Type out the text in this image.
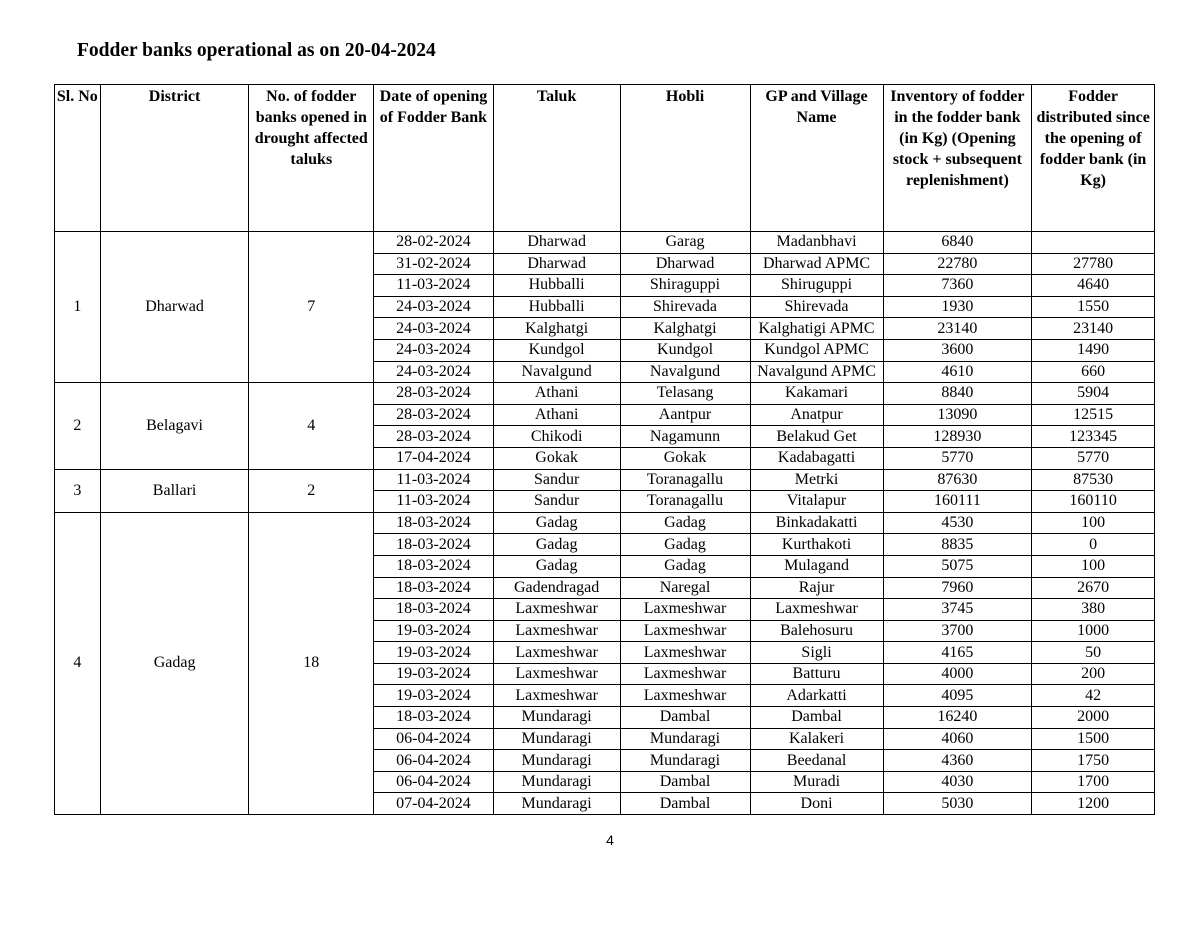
Fodder banks operational as on 20-04-2024
Sl. No	District	No. of fodder banks opened in drought affected taluks	Date of opening of Fodder Bank	Taluk	Hobli	GP and Village Name	Inventory of fodder in the fodder bank (in Kg) (Opening stock + subsequent replenishment)	Fodder distributed since the opening of fodder bank (in Kg)
1	Dharwad	7	28-02-2024	Dharwad	Garag	Madanbhavi	6840	
			31-02-2024	Dharwad	Dharwad	Dharwad APMC	22780	27780
			11-03-2024	Hubballi	Shiraguppi	Shiruguppi	7360	4640
			24-03-2024	Hubballi	Shirevada	Shirevada	1930	1550
			24-03-2024	Kalghatgi	Kalghatgi	Kalghatigi APMC	23140	23140
			24-03-2024	Kundgol	Kundgol	Kundgol APMC	3600	1490
			24-03-2024	Navalgund	Navalgund	Navalgund APMC	4610	660
2	Belagavi	4	28-03-2024	Athani	Telasang	Kakamari	8840	5904
			28-03-2024	Athani	Aantpur	Anatpur	13090	12515
			28-03-2024	Chikodi	Nagamunn	Belakud Get	128930	123345
			17-04-2024	Gokak	Gokak	Kadabagatti	5770	5770
3	Ballari	2	11-03-2024	Sandur	Toranagallu	Metrki	87630	87530
			11-03-2024	Sandur	Toranagallu	Vitalapur	160111	160110
4	Gadag	18	18-03-2024	Gadag	Gadag	Binkadakatti	4530	100
			18-03-2024	Gadag	Gadag	Kurthakoti	8835	0
			18-03-2024	Gadag	Gadag	Mulagand	5075	100
			18-03-2024	Gadendragad	Naregal	Rajur	7960	2670
			18-03-2024	Laxmeshwar	Laxmeshwar	Laxmeshwar	3745	380
			19-03-2024	Laxmeshwar	Laxmeshwar	Balehosuru	3700	1000
			19-03-2024	Laxmeshwar	Laxmeshwar	Sigli	4165	50
			19-03-2024	Laxmeshwar	Laxmeshwar	Batturu	4000	200
			19-03-2024	Laxmeshwar	Laxmeshwar	Adarkatti	4095	42
			18-03-2024	Mundaragi	Dambal	Dambal	16240	2000
			06-04-2024	Mundaragi	Mundaragi	Kalakeri	4060	1500
			06-04-2024	Mundaragi	Mundaragi	Beedanal	4360	1750
			06-04-2024	Mundaragi	Dambal	Muradi	4030	1700
			07-04-2024	Mundaragi	Dambal	Doni	5030	1200
4
